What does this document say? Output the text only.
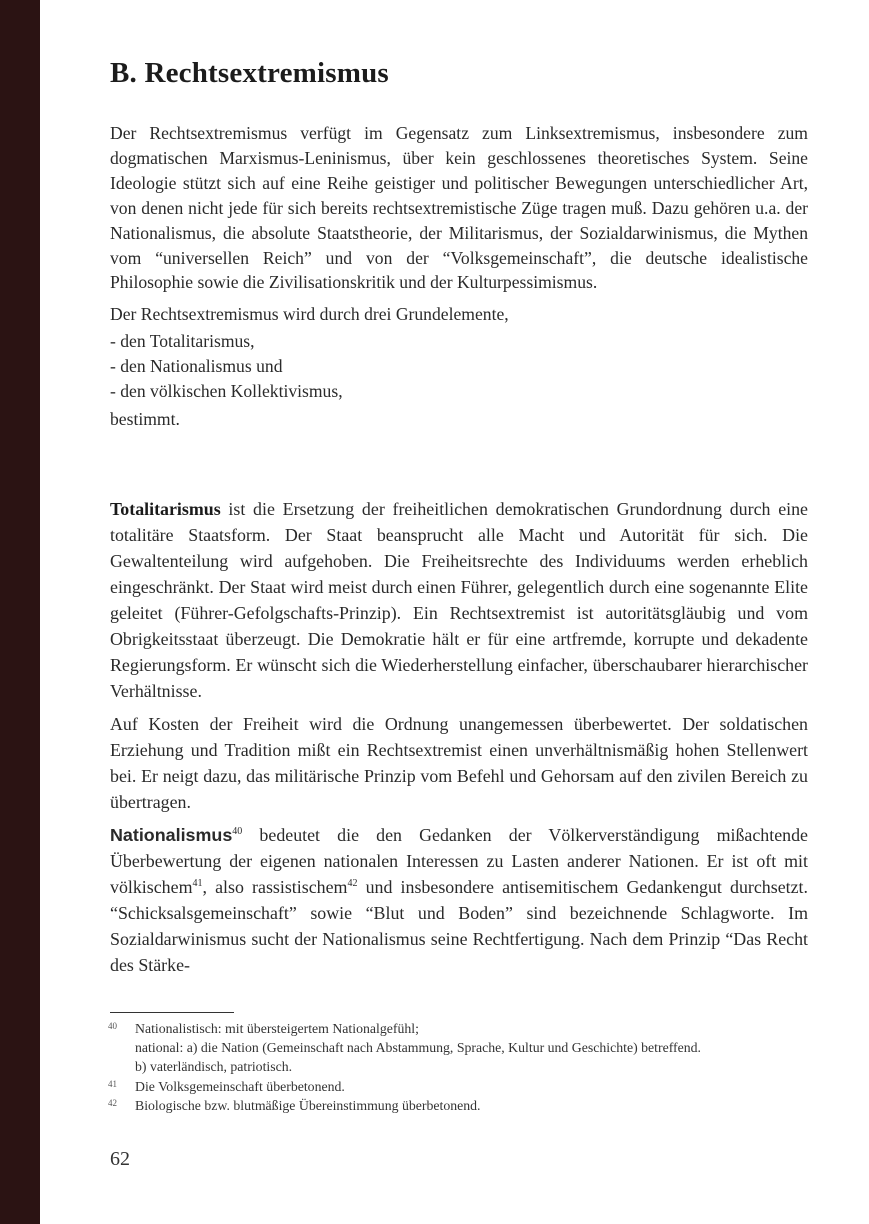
B. Rechtsextremismus

Der Rechtsextremismus verfügt im Gegensatz zum Linksextremismus, insbesondere zum dogmatischen Marxismus-Leninismus, über kein geschlossenes theoretisches System. Seine Ideologie stützt sich auf eine Reihe geistiger und politischer Bewegungen unterschiedlicher Art, von denen nicht jede für sich bereits rechtsextremistische Züge tragen muß. Dazu gehören u.a. der Nationalismus, die absolute Staatstheorie, der Militarismus, der Sozialdarwinismus, die Mythen vom “universellen Reich” und von der “Volksgemeinschaft”, die deutsche idealistische Philosophie sowie die Zivilisationskritik und der Kulturpessimismus.

Der Rechtsextremismus wird durch drei Grundelemente,

- den Totalitarismus,
- den Nationalismus und
- den völkischen Kollektivismus,

bestimmt.

Totalitarismus ist die Ersetzung der freiheitlichen demokratischen Grundordnung durch eine totalitäre Staatsform. Der Staat beansprucht alle Macht und Autorität für sich. Die Gewaltenteilung wird aufgehoben. Die Freiheitsrechte des Individuums werden erheblich eingeschränkt. Der Staat wird meist durch einen Führer, gelegentlich durch eine sogenannte Elite geleitet (Führer-Gefolgschafts-Prinzip). Ein Rechtsextremist ist autoritätsgläubig und vom Obrigkeitsstaat überzeugt. Die Demokratie hält er für eine artfremde, korrupte und dekadente Regierungsform. Er wünscht sich die Wiederherstellung einfacher, überschaubarer hierarchischer Verhältnisse.

Auf Kosten der Freiheit wird die Ordnung unangemessen überbewertet. Der soldatischen Erziehung und Tradition mißt ein Rechtsextremist einen unverhältnismäßig hohen Stellenwert bei. Er neigt dazu, das militärische Prinzip vom Befehl und Gehorsam auf den zivilen Bereich zu übertragen.

Nationalismus$^{40}$ bedeutet die den Gedanken der Völkerverständigung mißachtende Überbewertung der eigenen nationalen Interessen zu Lasten anderer Nationen. Er ist oft mit völkischem$^{41}$, also rassistischem$^{42}$ und insbesondere antisemitischem Gedankengut durchsetzt. “Schicksalsgemeinschaft” sowie “Blut und Boden” sind bezeichnende Schlagworte. Im Sozialdarwinismus sucht der Nationalismus seine Rechtfertigung. Nach dem Prinzip “Das Recht des Stärke-

40	Nationalistisch: mit übersteigertem Nationalgefühl;
national: a) die Nation (Gemeinschaft nach Abstammung, Sprache, Kultur und Geschichte) betreffend.
b) vaterländisch, patriotisch.
41	Die Volksgemeinschaft überbetonend.
42	Biologische bzw. blutmäßige Übereinstimmung überbetonend.
62
